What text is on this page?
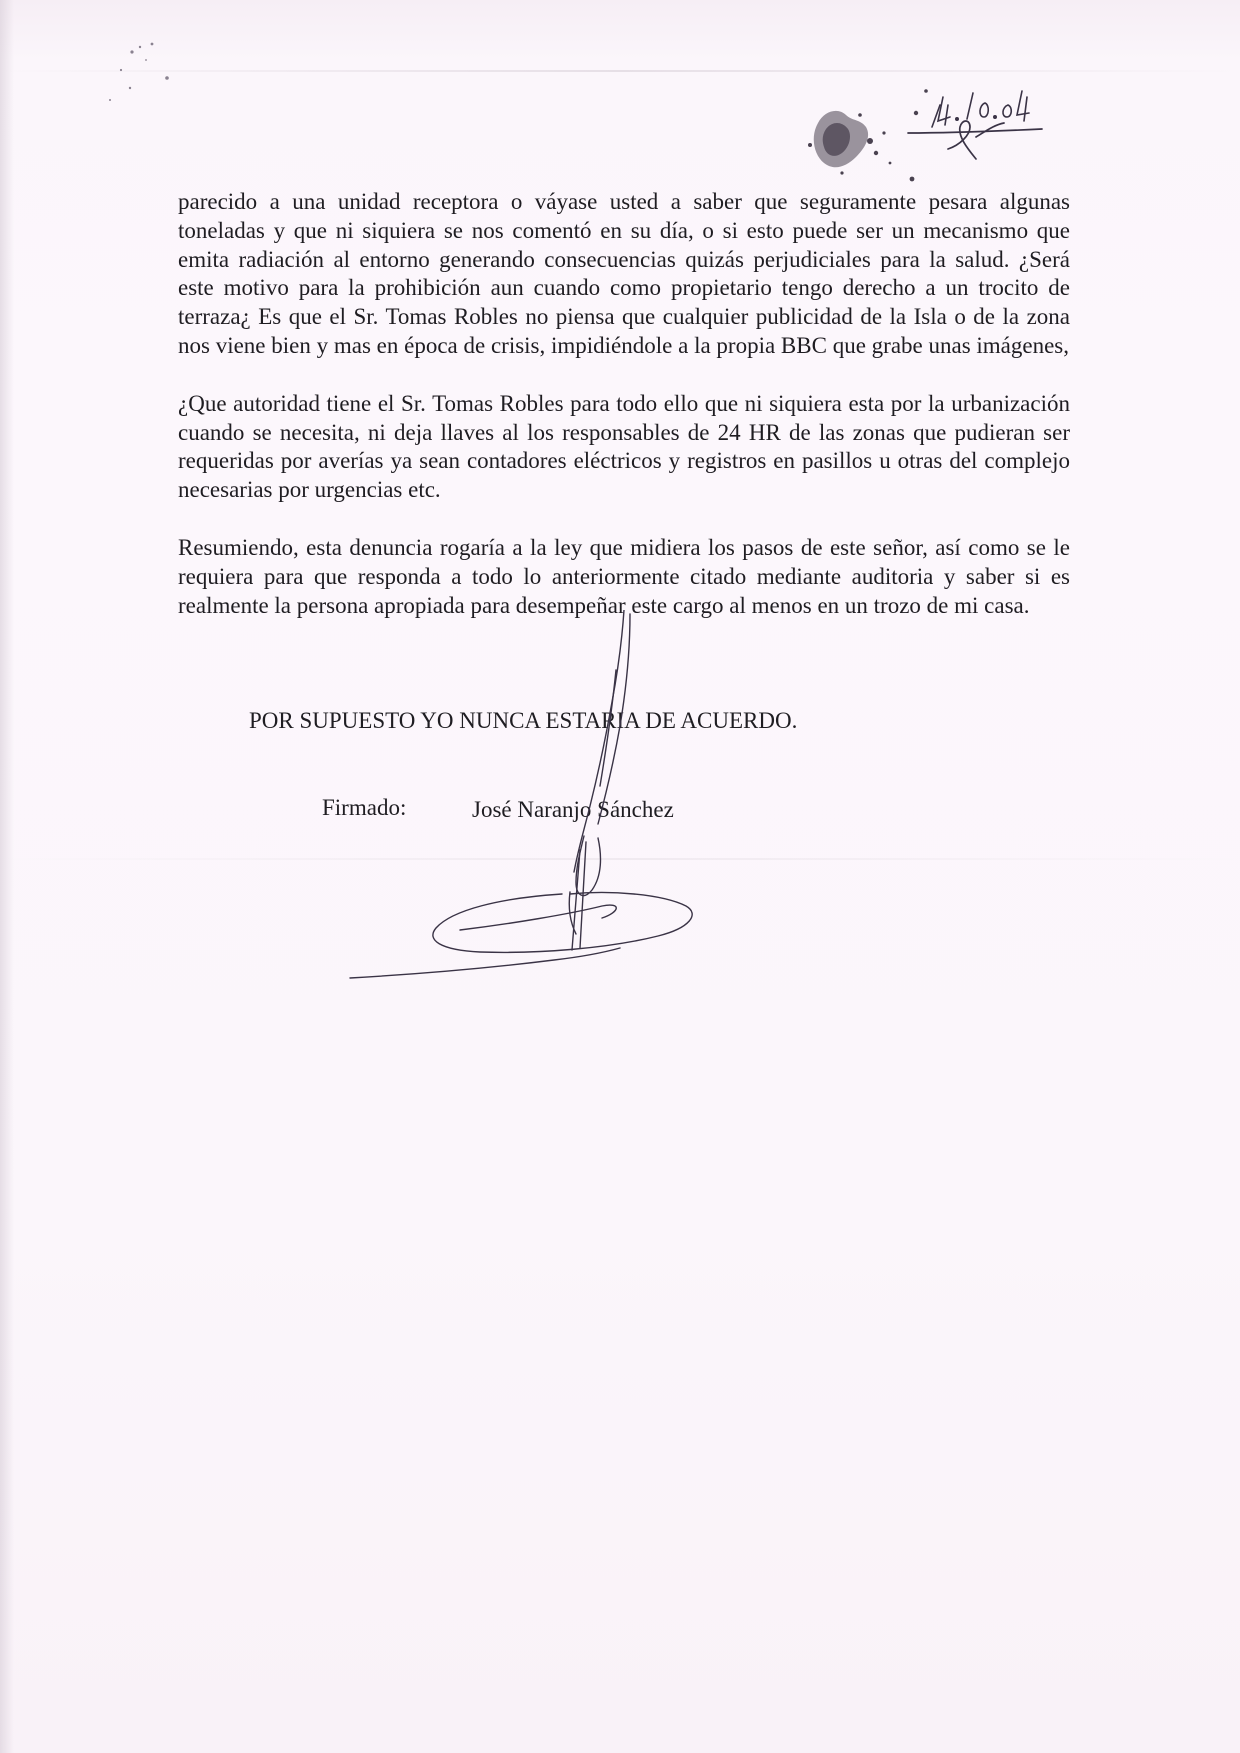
parecido a una unidad receptora o váyase usted a saber que seguramente pesara algunas toneladas y que ni siquiera se nos comentó en su día, o si esto puede ser un mecanismo que emita radiación al entorno generando consecuencias quizás perjudiciales para la salud. ¿Será este motivo para la prohibición aun cuando como propietario tengo derecho a un trocito de terraza¿ Es que el Sr. Tomas Robles no piensa que cualquier publicidad de la Isla o de la zona nos viene bien y mas en época de crisis, impidiéndole a la propia BBC que grabe unas imágenes,

¿Que autoridad tiene el Sr. Tomas Robles para todo ello que ni siquiera esta por la urbanización cuando se necesita, ni deja llaves al los responsables de 24 HR de las zonas que pudieran ser requeridas por averías ya sean contadores eléctricos y registros en pasillos u otras del complejo necesarias por urgencias etc.

Resumiendo, esta denuncia rogaría a la ley que midiera los pasos de este señor, así como se le requiera para que responda a todo lo anteriormente citado mediante auditoria y saber si es realmente la persona apropiada para desempeñar este cargo al menos en un trozo de mi casa.

POR SUPUESTO YO NUNCA ESTARIA DE ACUERDO.
Firmado:	José Naranjo Sánchez
